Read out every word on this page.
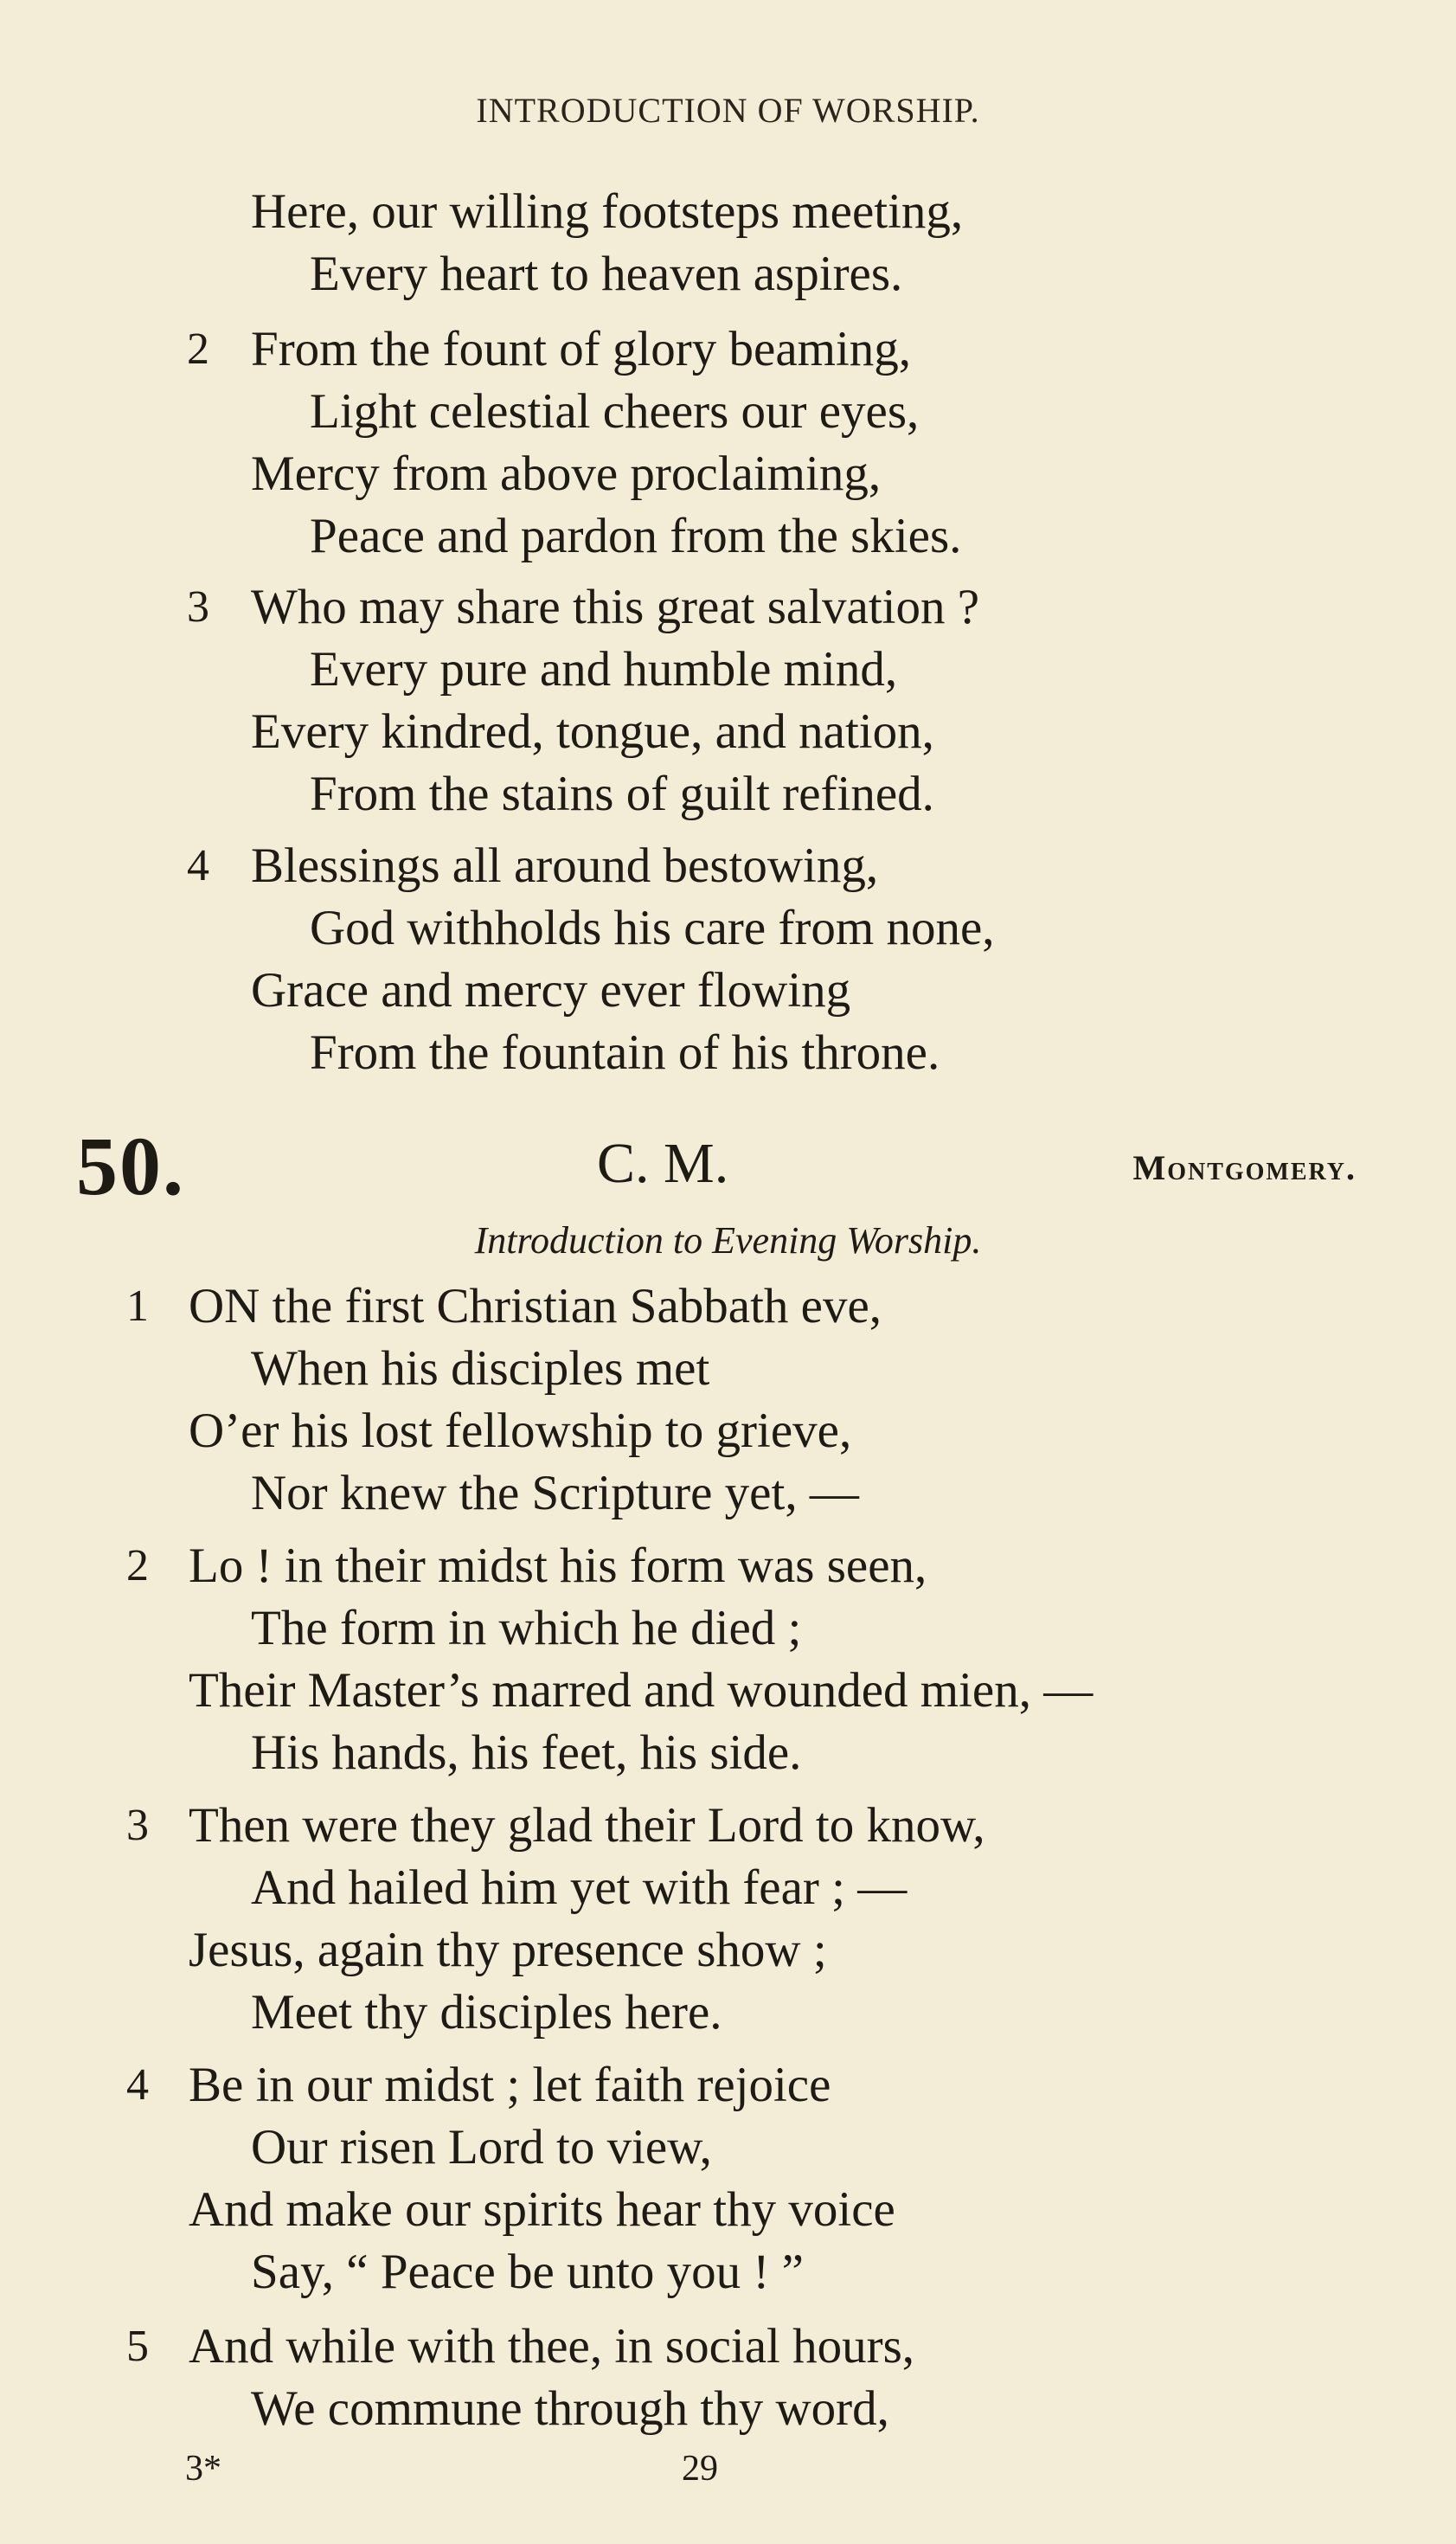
INTRODUCTION OF WORSHIP.
Here, our willing footsteps meeting,
Every heart to heaven aspires.
2 From the fount of glory beaming,
Light celestial cheers our eyes,
Mercy from above proclaiming,
Peace and pardon from the skies.
3 Who may share this great salvation ?
Every pure and humble mind,
Every kindred, tongue, and nation,
From the stains of guilt refined.
4 Blessings all around bestowing,
God withholds his care from none,
Grace and mercy ever flowing
From the fountain of his throne.
50.	C. M.	Montgomery.
Introduction to Evening Worship.
1 ON the first Christian Sabbath eve,
When his disciples met
O’er his lost fellowship to grieve,
Nor knew the Scripture yet, —
2 Lo ! in their midst his form was seen,
The form in which he died ;
Their Master’s marred and wounded mien, —
His hands, his feet, his side.
3 Then were they glad their Lord to know,
And hailed him yet with fear ; —
Jesus, again thy presence show ;
Meet thy disciples here.
4 Be in our midst ; let faith rejoice
Our risen Lord to view,
And make our spirits hear thy voice
Say, “ Peace be unto you ! ”
5 And while with thee, in social hours,
We commune through thy word,
3*	29
